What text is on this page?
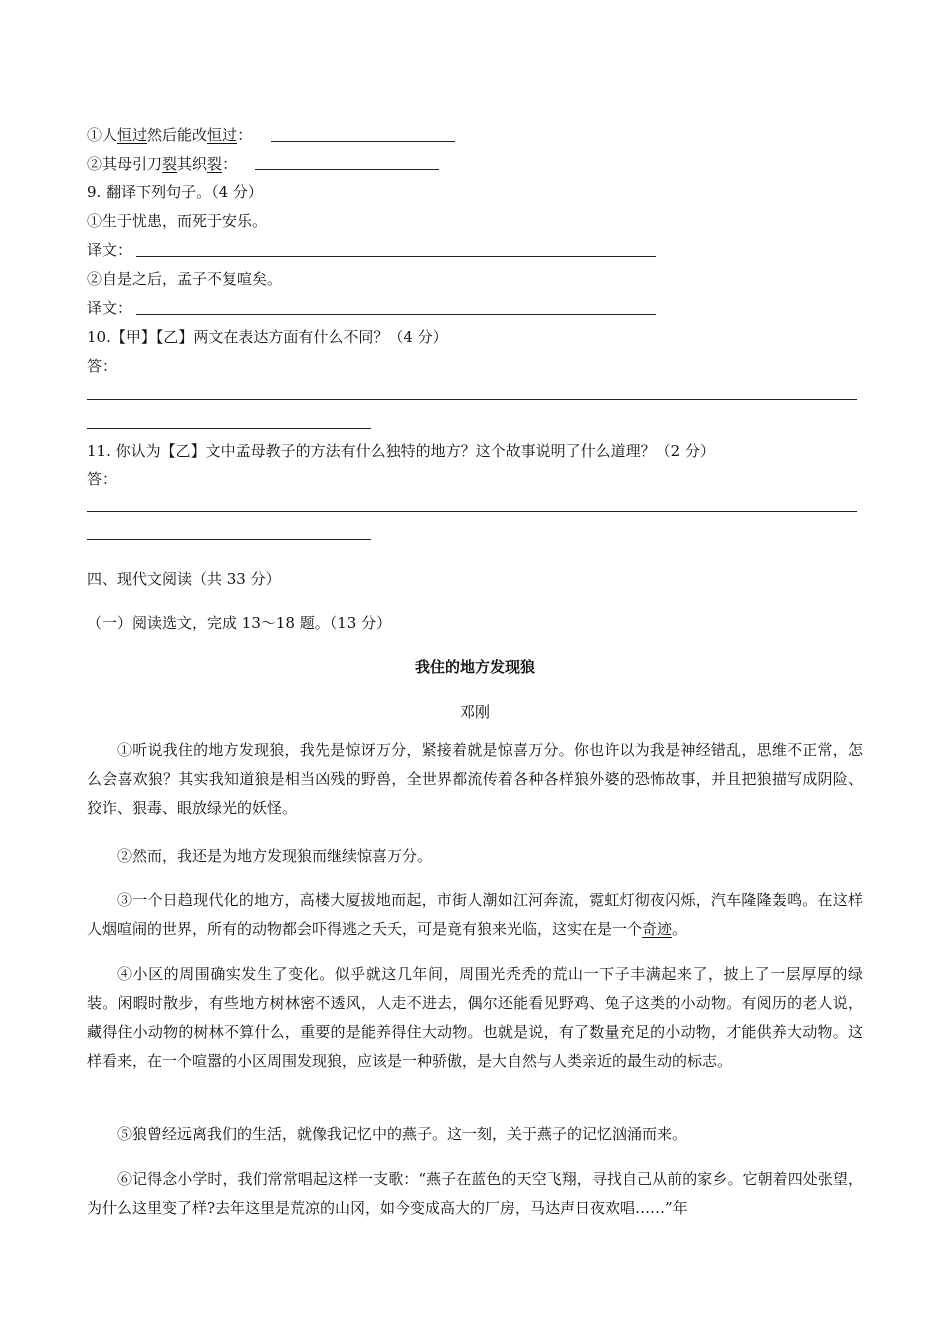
①人恒过然后能改恒过：
②其母引刀裂其织裂：
9. 翻译下列句子。（4 分）
①生于忧患，而死于安乐。
译文：
②自是之后，孟子不复喧矣。
译文：
10.【甲】【乙】两文在表达方面有什么不同？（4 分）
答：
11. 你认为【乙】文中孟母教子的方法有什么独特的地方？这个故事说明了什么道理？（2 分）
答：
四、现代文阅读（共 33 分）
（一）阅读选文，完成 13～18 题。（13 分）
我住的地方发现狼
邓刚
①听说我住的地方发现狼，我先是惊讶万分，紧接着就是惊喜万分。你也许以为我是神经错乱，思维不正常，怎么会喜欢狼？其实我知道狼是相当凶残的野兽，全世界都流传着各种各样狼外婆的恐怖故事，并且把狼描写成阴险、狡诈、狠毒、眼放绿光的妖怪。
②然而，我还是为地方发现狼而继续惊喜万分。
③一个日趋现代化的地方，高楼大厦拔地而起，市街人潮如江河奔流，霓虹灯彻夜闪烁，汽车隆隆轰鸣。在这样人烟喧闹的世界，所有的动物都会吓得逃之夭夭，可是竟有狼来光临，这实在是一个奇迹。
④小区的周围确实发生了变化。似乎就这几年间，周围光秃秃的荒山一下子丰满起来了，披上了一层厚厚的绿装。闲暇时散步，有些地方树林密不透风，人走不进去，偶尔还能看见野鸡、兔子这类的小动物。有阅历的老人说，藏得住小动物的树林不算什么，重要的是能养得住大动物。也就是说，有了数量充足的小动物，才能供养大动物。这样看来，在一个喧嚣的小区周围发现狼，应该是一种骄傲，是大自然与人类亲近的最生动的标志。
⑤狼曾经远离我们的生活，就像我记忆中的燕子。这一刻，关于燕子的记忆汹涌而来。
⑥记得念小学时，我们常常唱起这样一支歌：“燕子在蓝色的天空飞翔，寻找自己从前的家乡。它朝着四处张望，为什么这里变了样?去年这里是荒凉的山冈，如今变成高大的厂房，马达声日夜欢唱……”年
